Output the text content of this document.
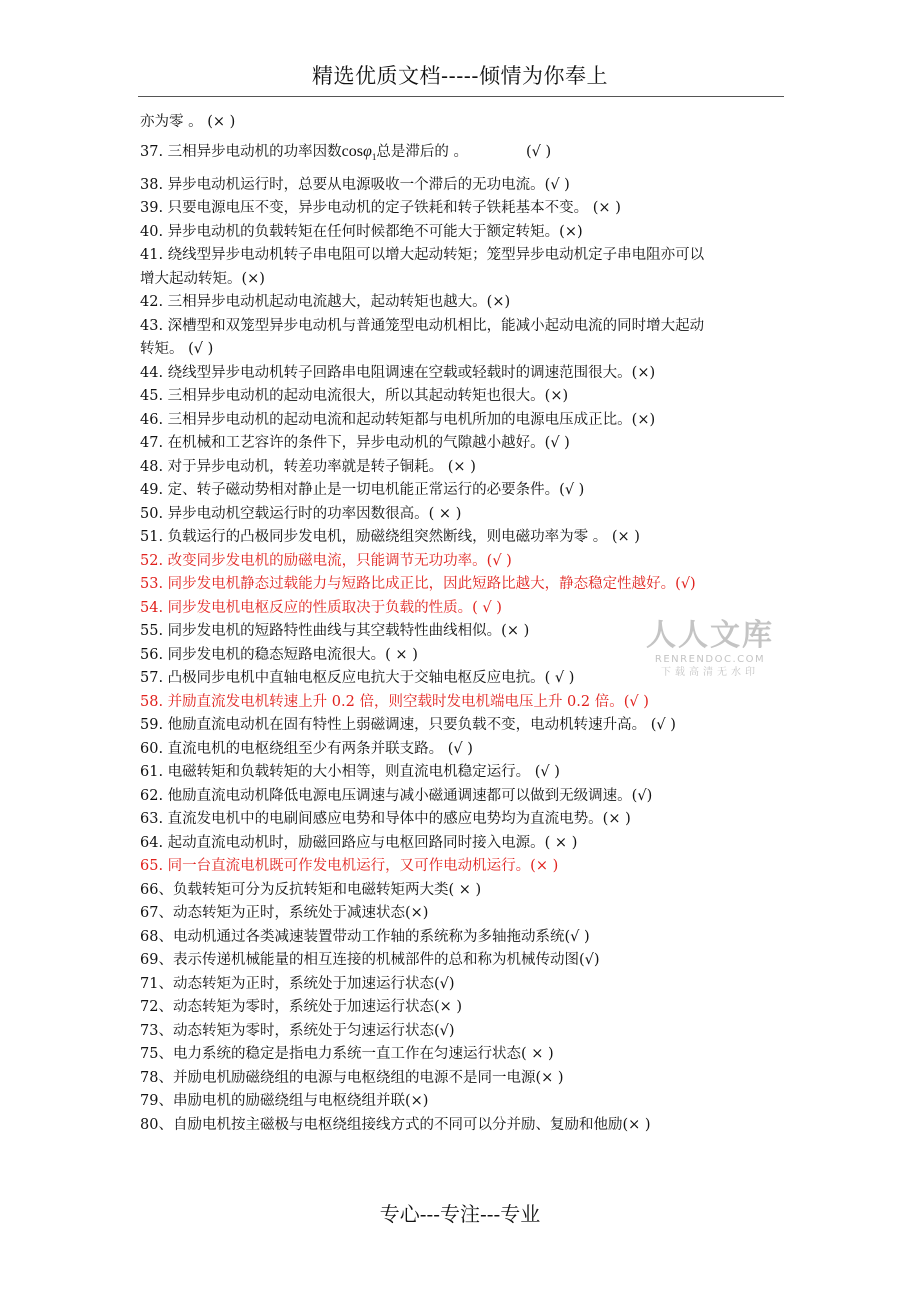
精选优质文档-----倾情为你奉上
亦为零 。 (× )
37. 三相异步电动机的功率因数cosφ$_1$总是滞后的 。	(√ )
38. 异步电动机运行时，总要从电源吸收一个滞后的无功电流。(√ )
39. 只要电源电压不变，异步电动机的定子铁耗和转子铁耗基本不变。 (× )
40. 异步电动机的负载转矩在任何时候都绝不可能大于额定转矩。(×)
41. 绕线型异步电动机转子串电阻可以增大起动转矩；笼型异步电动机定子串电阻亦可以
增大起动转矩。(×)
42. 三相异步电动机起动电流越大，起动转矩也越大。(×)
43. 深槽型和双笼型异步电动机与普通笼型电动机相比，能减小起动电流的同时增大起动
转矩。 (√ )
44. 绕线型异步电动机转子回路串电阻调速在空载或轻载时的调速范围很大。(×)
45. 三相异步电动机的起动电流很大，所以其起动转矩也很大。(×)
46. 三相异步电动机的起动电流和起动转矩都与电机所加的电源电压成正比。(×)
47. 在机械和工艺容许的条件下，异步电动机的气隙越小越好。(√ )
48. 对于异步电动机，转差功率就是转子铜耗。 (× )
49. 定、转子磁动势相对静止是一切电机能正常运行的必要条件。(√ )
50. 异步电动机空载运行时的功率因数很高。( × )
51. 负载运行的凸极同步发电机，励磁绕组突然断线，则电磁功率为零 。 (× )
52. 改变同步发电机的励磁电流，只能调节无功功率。(√ )
53. 同步发电机静态过载能力与短路比成正比，因此短路比越大，静态稳定性越好。(√)
54. 同步发电机电枢反应的性质取决于负载的性质。( √ )
55. 同步发电机的短路特性曲线与其空载特性曲线相似。(× )
56. 同步发电机的稳态短路电流很大。( × )
57. 凸极同步电机中直轴电枢反应电抗大于交轴电枢反应电抗。( √ )
58. 并励直流发电机转速上升 0.2 倍，则空载时发电机端电压上升 0.2 倍。(√ )
59. 他励直流电动机在固有特性上弱磁调速，只要负载不变，电动机转速升高。 (√ )
60. 直流电机的电枢绕组至少有两条并联支路。 (√ )
61. 电磁转矩和负载转矩的大小相等，则直流电机稳定运行。 (√ )
62. 他励直流电动机降低电源电压调速与减小磁通调速都可以做到无级调速。(√)
63. 直流发电机中的电刷间感应电势和导体中的感应电势均为直流电势。(× )
64. 起动直流电动机时，励磁回路应与电枢回路同时接入电源。( × )
65. 同一台直流电机既可作发电机运行，又可作电动机运行。(× )
66、负载转矩可分为反抗转矩和电磁转矩两大类( × )
67、动态转矩为正时，系统处于减速状态(×)
68、电动机通过各类减速装置带动工作轴的系统称为多轴拖动系统(√ )
69、表示传递机械能量的相互连接的机械部件的总和称为机械传动图(√)
71、动态转矩为正时，系统处于加速运行状态(√)
72、动态转矩为零时，系统处于加速运行状态(× )
73、动态转矩为零时，系统处于匀速运行状态(√)
75、电力系统的稳定是指电力系统一直工作在匀速运行状态( × )
78、并励电机励磁绕组的电源与电枢绕组的电源不是同一电源(× )
79、串励电机的励磁绕组与电枢绕组并联(×)
80、自励电机按主磁极与电枢绕组接线方式的不同可以分并励、复励和他励(× )
人人文库
RENRENDOC.COM
下载高清无水印
专心---专注---专业
